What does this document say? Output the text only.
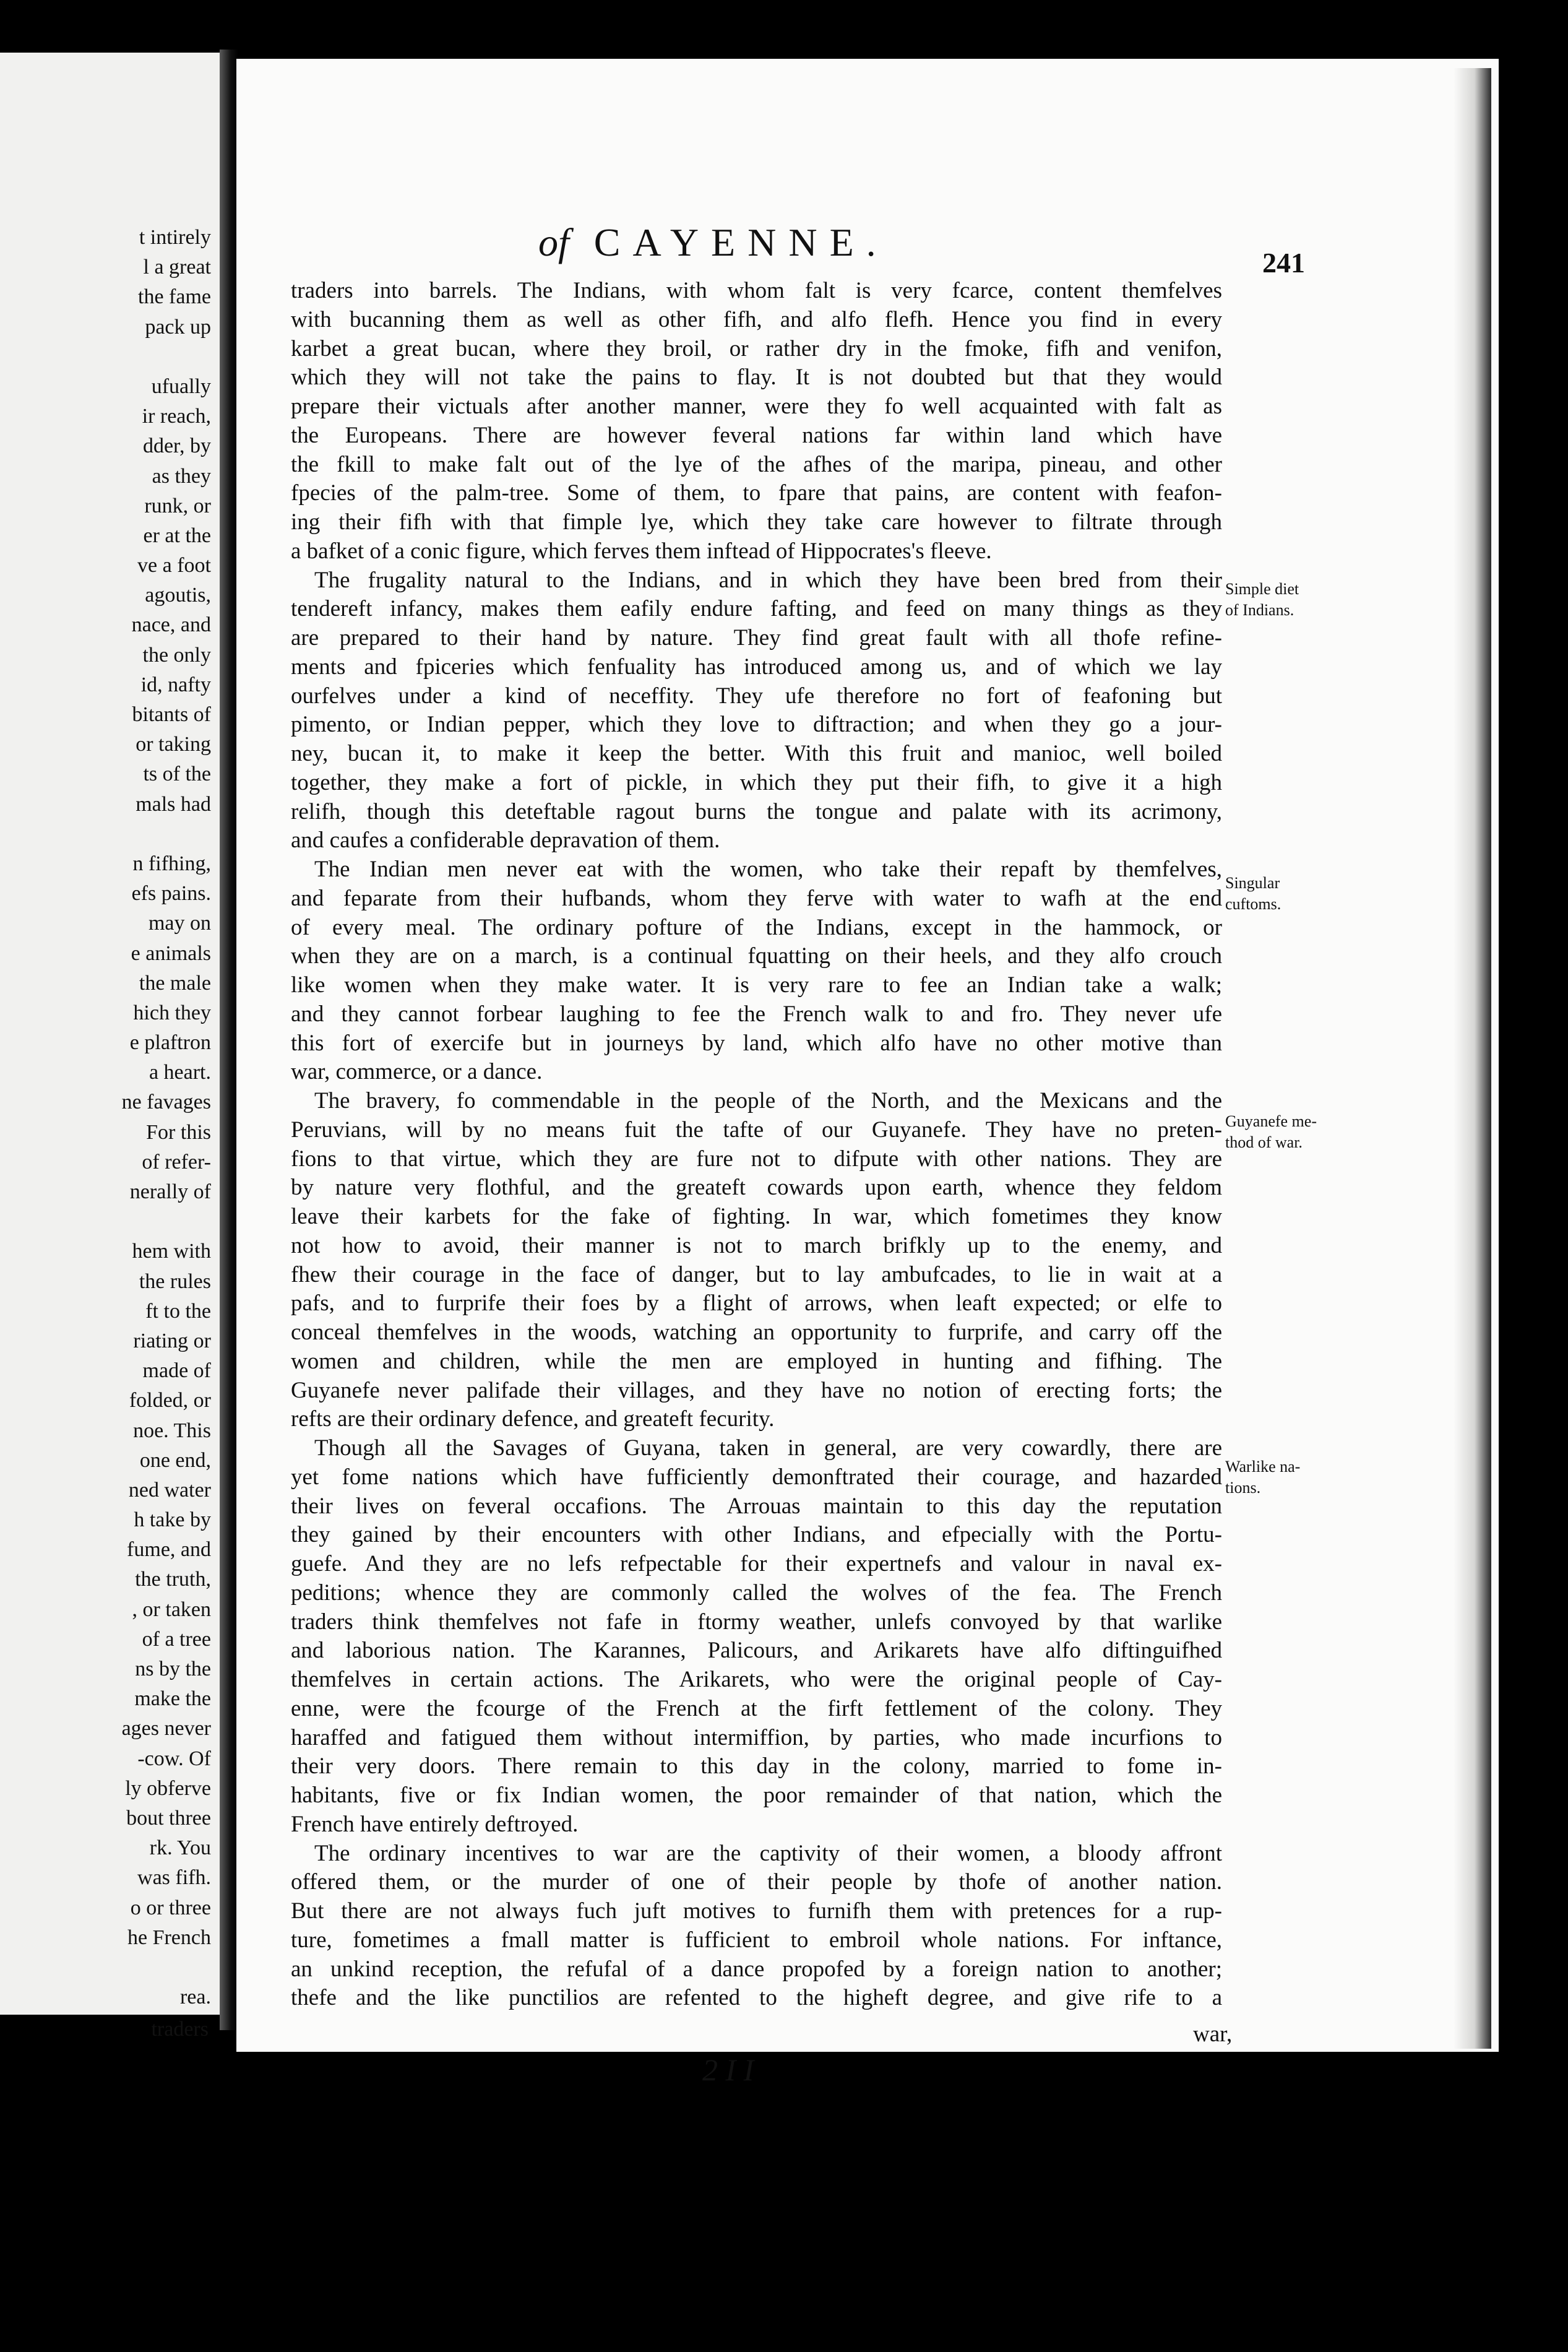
t intirely
l a great
the fame
pack up
ufually
ir reach,
dder, by
as they
runk, or
er at the
ve a foot
agoutis,
nace, and
the only
id, nafty
bitants of
or taking
ts of the
mals had
n fifhing,
efs pains.
may on
e animals
the male
hich they
e plaftron
a heart.
ne favages
For this
of refer-
nerally of
hem with
the rules
ft to the
riating or
made of
folded, or
noe. This
one end,
ned water
h take by
fume, and
the truth,
, or taken
of a tree
ns by the
make the
ages never
-cow. Of
ly obferve
bout three
rk. You
was fifh.
o or three
he French
rea.
traders
of CAYENNE.	241
traders into barrels. The Indians, with whom falt is very fcarce, content themfelves
with bucanning them as well as other fifh, and alfo flefh. Hence you find in every
karbet a great bucan, where they broil, or rather dry in the fmoke, fifh and venifon,
which they will not take the pains to flay. It is not doubted but that they would
prepare their victuals after another manner, were they fo well acquainted with falt as
the Europeans. There are however feveral nations far within land which have
the fkill to make falt out of the lye of the afhes of the maripa, pineau, and other
fpecies of the palm-tree. Some of them, to fpare that pains, are content with feafon-
ing their fifh with that fimple lye, which they take care however to filtrate through
a bafket of a conic figure, which ferves them inftead of Hippocrates's fleeve.
The frugality natural to the Indians, and in which they have been bred from their
tendereft infancy, makes them eafily endure fafting, and feed on many things as they
are prepared to their hand by nature. They find great fault with all thofe refine-
ments and fpiceries which fenfuality has introduced among us, and of which we lay
ourfelves under a kind of neceffity. They ufe therefore no fort of feafoning but
pimento, or Indian pepper, which they love to diftraction; and when they go a jour-
ney, bucan it, to make it keep the better. With this fruit and manioc, well boiled
together, they make a fort of pickle, in which they put their fifh, to give it a high
relifh, though this deteftable ragout burns the tongue and palate with its acrimony,
and caufes a confiderable depravation of them.
The Indian men never eat with the women, who take their repaft by themfelves,
and feparate from their hufbands, whom they ferve with water to wafh at the end
of every meal. The ordinary pofture of the Indians, except in the hammock, or
when they are on a march, is a continual fquatting on their heels, and they alfo crouch
like women when they make water. It is very rare to fee an Indian take a walk;
and they cannot forbear laughing to fee the French walk to and fro. They never ufe
this fort of exercife but in journeys by land, which alfo have no other motive than
war, commerce, or a dance.
The bravery, fo commendable in the people of the North, and the Mexicans and the
Peruvians, will by no means fuit the tafte of our Guyanefe. They have no preten-
fions to that virtue, which they are fure not to difpute with other nations. They are
by nature very flothful, and the greateft cowards upon earth, whence they feldom
leave their karbets for the fake of fighting. In war, which fometimes they know
not how to avoid, their manner is not to march brifkly up to the enemy, and
fhew their courage in the face of danger, but to lay ambufcades, to lie in wait at a
pafs, and to furprife their foes by a flight of arrows, when leaft expected; or elfe to
conceal themfelves in the woods, watching an opportunity to furprife, and carry off the
women and children, while the men are employed in hunting and fifhing. The
Guyanefe never palifade their villages, and they have no notion of erecting forts; the
refts are their ordinary defence, and greateft fecurity.
Though all the Savages of Guyana, taken in general, are very cowardly, there are
yet fome nations which have fufficiently demonftrated their courage, and hazarded
their lives on feveral occafions. The Arrouas maintain to this day the reputation
they gained by their encounters with other Indians, and efpecially with the Portu-
guefe. And they are no lefs refpectable for their expertnefs and valour in naval ex-
peditions; whence they are commonly called the wolves of the fea. The French
traders think themfelves not fafe in ftormy weather, unlefs convoyed by that warlike
and laborious nation. The Karannes, Palicours, and Arikarets have alfo diftinguifhed
themfelves in certain actions. The Arikarets, who were the original people of Cay-
enne, were the fcourge of the French at the firft fettlement of the colony. They
haraffed and fatigued them without intermiffion, by parties, who made incurfions to
their very doors. There remain to this day in the colony, married to fome in-
habitants, five or fix Indian women, the poor remainder of that nation, which the
French have entirely deftroyed.
The ordinary incentives to war are the captivity of their women, a bloody affront
offered them, or the murder of one of their people by thofe of another nation.
But there are not always fuch juft motives to furnifh them with pretences for a rup-
ture, fometimes a fmall matter is fufficient to embroil whole nations. For inftance,
an unkind reception, the refufal of a dance propofed by a foreign nation to another;
thefe and the like punctilios are refented to the higheft degree, and give rife to a
Simple diet
of Indians.
Singular
cuftoms.
Guyanefe me-
thod of war.
Warlike na-
tions.
war,
2 I I
